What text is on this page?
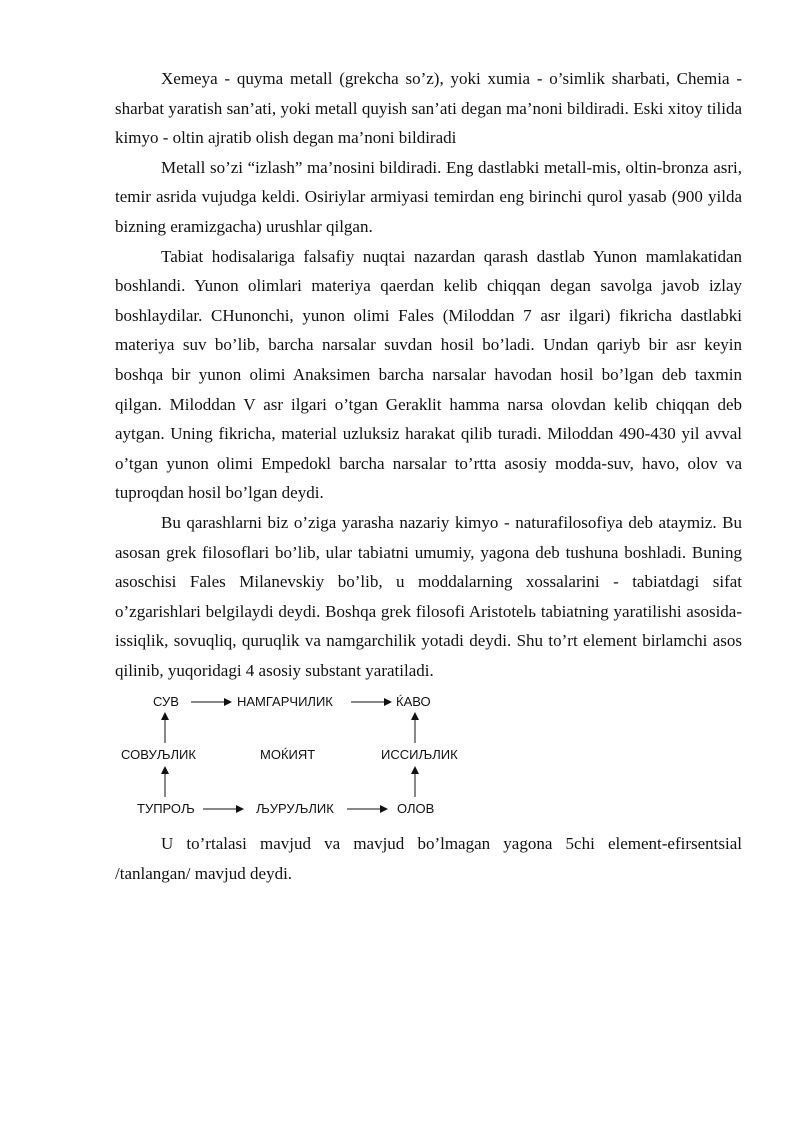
Xemeya - quyma metall (grekcha so’z), yoki xumia - o’simlik sharbati, Chemia - sharbat yaratish san’ati, yoki metall quyish san’ati degan ma’noni bildiradi. Eski xitoy tilida kimyo - oltin ajratib olish degan ma’noni bildiradi

Metall so’zi “izlash” ma’nosini bildiradi. Eng dastlabki metall-mis, oltin-bronza asri, temir asrida vujudga keldi. Osiriylar armiyasi temirdan eng birinchi qurol yasab (900 yilda bizning eramizgacha) urushlar qilgan.

Tabiat hodisalariga falsafiy nuqtai nazardan qarash dastlab Yunon mamlakatidan boshlandi. Yunon olimlari materiya qaerdan kelib chiqqan degan savolga javob izlay boshlaydilar. CHunonchi, yunon olimi Fales (Miloddan 7 asr ilgari) fikricha dastlabki materiya suv bo’lib, barcha narsalar suvdan hosil bo’ladi. Undan qariyb bir asr keyin boshqa bir yunon olimi Anaksimen barcha narsalar havodan hosil bo’lgan deb taxmin qilgan. Miloddan V asr ilgari o’tgan Geraklit hamma narsa olovdan kelib chiqqan deb aytgan. Uning fikricha, material uzluksiz harakat qilib turadi. Miloddan 490-430 yil avval o’tgan yunon olimi Empedokl barcha narsalar to’rtta asosiy modda-suv, havo, olov va tuproqdan hosil bo’lgan deydi.

Bu qarashlarni biz o’ziga yarasha nazariy kimyo - naturafilosofiya deb ataymiz. Bu asosan grek filosoflari bo’lib, ular tabiatni umumiy, yagona deb tushuna boshladi. Buning asoschisi Fales Milanevskiy bo’lib, u moddalarning xossalarini - tabiatdagi sifat o’zgarishlari belgilaydi deydi. Boshqa grek filosofi Aristotelь tabiatning yaratilishi asosida-issiqlik, sovuqliq, quruqlik va namgarchilik yotadi deydi. Shu to’rt element birlamchi asos qilinib, yuqoridagi 4 asosiy substant yaratiladi.

СУВ	НАМГАРЧИЛИК	ЌАВО
СОВУЉЛИК	МОЌИЯТ	ИССИЉЛИК
ТУПРОЉ	ЉУРУЉЛИК	ОЛОВ

U to’rtalasi mavjud va mavjud bo’lmagan yagona 5chi element-efirsentsial /tanlangan/ mavjud deydi.
